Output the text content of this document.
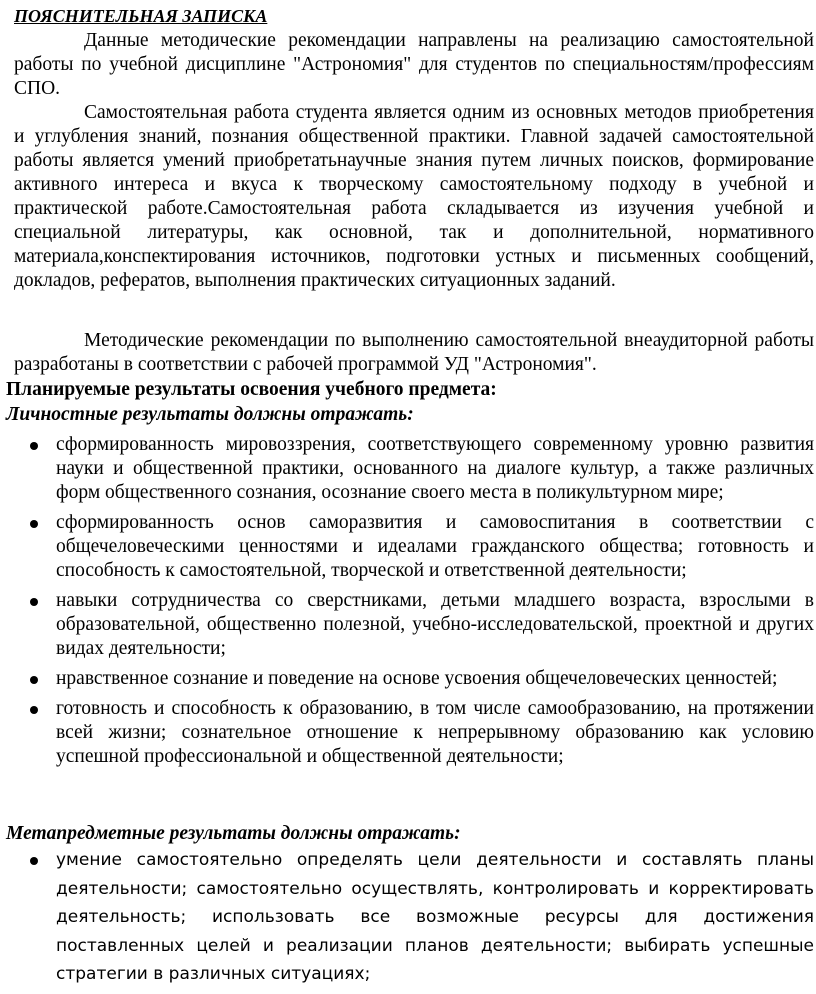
ПОЯСНИТЕЛЬНАЯ ЗАПИСКА

Данные методические рекомендации направлены на реализацию самостоятельной работы по учебной дисциплине "Астрономия" для студентов по специальностям/профессиям СПО.

Самостоятельная работа студента является одним из основных методов приобретения и углубления знаний, познания общественной практики. Главной задачей самостоятельной работы является умений приобретатьнаучные знания путем личных поисков, формирование активного интереса и вкуса к творческому самостоятельному подходу в учебной и практической работе.Самостоятельная работа складывается из изучения учебной и специальной литературы, как основной, так и дополнительной, нормативного материала,конспектирования источников, подготовки устных и письменных сообщений, докладов, рефератов, выполнения практических ситуационных заданий.

Методические рекомендации по выполнению самостоятельной внеаудиторной работы разработаны в соответствии с рабочей программой УД "Астрономия".

Планируемые результаты освоения учебного предмета:
Личностные результаты должны отражать:
сформированность мировоззрения, соответствующего современному уровню развития науки и общественной практики, основанного на диалоге культур, а также различных форм общественного сознания, осознание своего места в поликультурном мире;
сформированность основ саморазвития и самовоспитания в соответствии с общечеловеческими ценностями и идеалами гражданского общества; готовность и способность к самостоятельной, творческой и ответственной деятельности;
навыки сотрудничества со сверстниками, детьми младшего возраста, взрослыми в образовательной, общественно полезной, учебно-исследовательской, проектной и других видах деятельности;
нравственное сознание и поведение на основе усвоения общечеловеческих ценностей;
готовность и способность к образованию, в том числе самообразованию, на протяжении всей жизни; сознательное отношение к непрерывному образованию как условию успешной профессиональной и общественной деятельности;
Метапредметные результаты должны отражать:
умение самостоятельно определять цели деятельности и составлять планы деятельности; самостоятельно осуществлять, контролировать и корректировать деятельность; использовать все возможные ресурсы для достижения поставленных целей и реализации планов деятельности; выбирать успешные стратегии в различных ситуациях;
